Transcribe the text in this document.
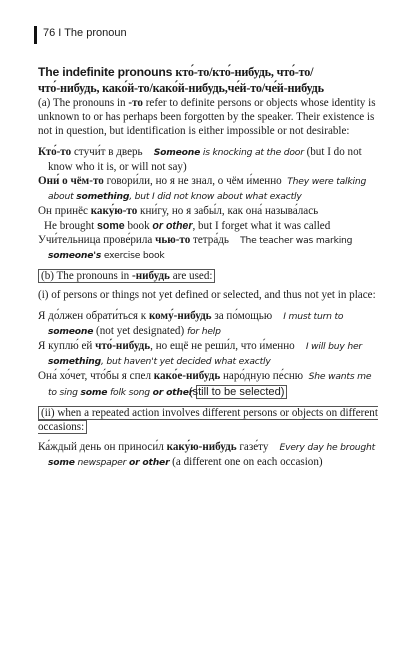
76 I The pronoun
The indefinite pronouns кто́-то/кто́-нибудь, что́-то/
что́-нибудь, како́й-то/како́й-нибудь,че́й-то/че́й-нибудь

(a) The pronouns in -то refer to definite persons or objects whose identity is unknown to or has perhaps been forgotten by the speaker. Their existence is not in question, but identification is either impossible or not desirable:

Кто́-то стучи́т в дверь Someone is knocking at the door (but I do not know who it is, or will not say)

Они́ о чём-то говори́ли, но я не знал, о чём и́менно They were talking about something, but I did not know about what exactly

Он принёс каку́ю-то кни́гу, но я забы́л, как она́ называ́лась

He brought some book or other, but I forget what it was called

Учи́тельница прове́рила чью-то тетра́дь The teacher was marking someone's exercise book

(b) The pronouns in -нибудь are used:

(i) of persons or things not yet defined or selected, and thus not yet in place:

Я до́лжен обрати́ться к кому́-нибудь за по́мощью I must turn to someone (not yet designated) for help

Я куплю́ ей что́-нибудь, но ещё не реши́л, что и́менно I will buy her something, but haven't yet decided what exactly

Она́ хо́чет, что́бы я спел како́е-нибудь наро́дную пе́сню She wants me to sing some folk song or other (still to be selected)

(ii) when a repeated action involves different persons or objects on different occasions:

Ка́ждый день он приноси́л каку́ю-нибудь газе́ту Every day he brought some newspaper or other (a different one on each occasion)
